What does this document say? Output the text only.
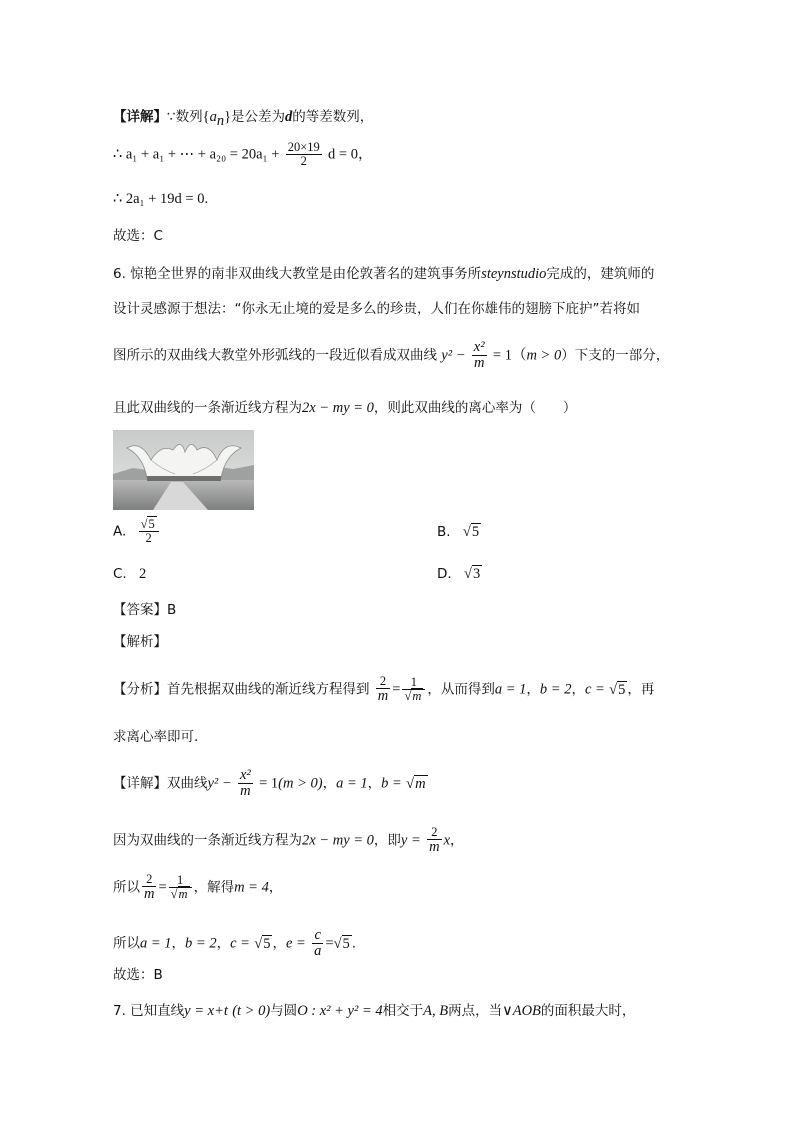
【详解】∵数列$\{a_n\}$是公差为d的等差数列，
∴ a₁ + a₁ + ⋯ + $a_{20} = 20a_1 + \frac{20\times 19}{2}$ d = 0，
∴ 2a₁ + 19d = 0.
故选：C
6. 惊艳全世界的南非双曲线大教堂是由伦敦著名的建筑事务所steynstudio完成的，建筑师的
设计灵感源于想法：“你永无止境的爱是多么的珍贵，人们在你雄伟的翅膀下庇护”若将如
图所示的双曲线大教堂外形弧线的一段近似看成双曲线 $y^2 - \frac{\text{x²}}{m} = 1(m > 0)$下支的一部分，
且此双曲线的一条渐近线方程为2x − my = 0，则此双曲线的离心率为（　　）
A. $\frac{√5}{2}$	B. √5
C. 2	D. √3
【答案】B
【解析】
【分析】首先根据双曲线的渐近线方程得到 $\frac{2}{m} = \frac{1}{√m}$ ，从而得到a = 1，b = 2，c = √5 ，再
求离心率即可.
【详解】双曲线$y^2 - \frac{\text{x²}}{m} = 1(m > 0)$，a = 1，b = √m
因为双曲线的一条渐近线方程为2x − my = 0，即$y = \frac{2}{m}$ x，
所以 $\frac{2}{m} = \frac{1}{√m}$ ，解得m = 4，
所以a = 1，b = 2，c = √5 ，$e = \frac{c}{a} =√5$ .
故选：B
7. 已知直线y = x+t (t > 0)与圆O : x² + y² = 4相交于A, B两点，当∨AOB的面积最大时，
